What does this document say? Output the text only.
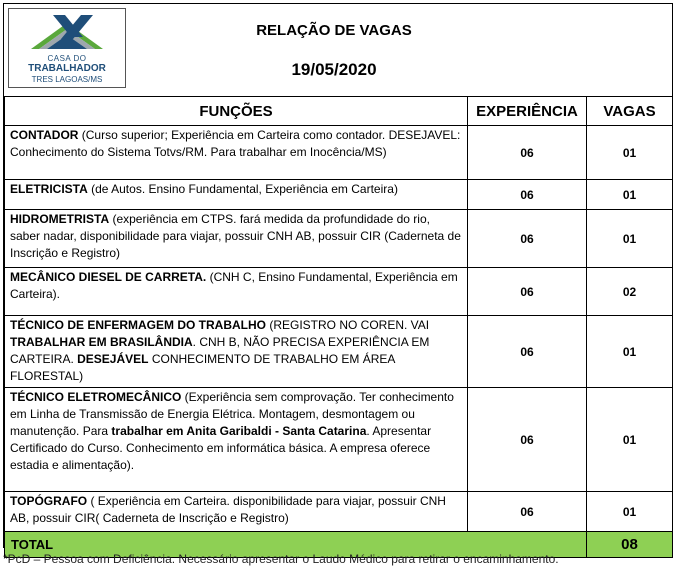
CASA DO
TRABALHADOR
TRES LAGOAS/MS
RELAÇÃO DE VAGAS
19/05/2020
FUNÇÕES	EXPERIÊNCIA	VAGAS
CONTADOR (Curso superior; Experiência em Carteira como contador. DESEJAVEL: Conhecimento do Sistema Totvs/RM. Para trabalhar em Inocência/MS)	06	01
ELETRICISTA (de Autos. Ensino Fundamental, Experiência em Carteira)	06	01
HIDROMETRISTA (experiência em CTPS. fará medida da profundidade do rio, saber nadar, disponibilidade para viajar, possuir CNH AB, possuir CIR (Caderneta de Inscrição e Registro)	06	01
MECÂNICO DIESEL DE CARRETA. (CNH C, Ensino Fundamental, Experiência em Carteira).	06	02
TÉCNICO DE ENFERMAGEM DO TRABALHO (REGISTRO NO COREN. VAI TRABALHAR EM BRASILÂNDIA. CNH B, NÃO PRECISA EXPERIÊNCIA EM CARTEIRA. DESEJÁVEL CONHECIMENTO DE TRABALHO EM ÁREA FLORESTAL)	06	01
TÉCNICO ELETROMECÂNICO (Experiência sem comprovação. Ter conhecimento em Linha de Transmissão de Energia Elétrica. Montagem, desmontagem ou manutenção. Para trabalhar em Anita Garibaldi - Santa Catarina. Apresentar Certificado do Curso. Conhecimento em informática básica. A empresa oferece estadia e alimentação).	06	01
TOPÓGRAFO ( Experiência em Carteira. disponibilidade para viajar, possuir CNH AB, possuir CIR( Caderneta de Inscrição e Registro)	06	01
TOTAL		08
*PcD – Pessoa com Deficiência. Necessário apresentar o Laudo Médico para retirar o encaminhamento.
